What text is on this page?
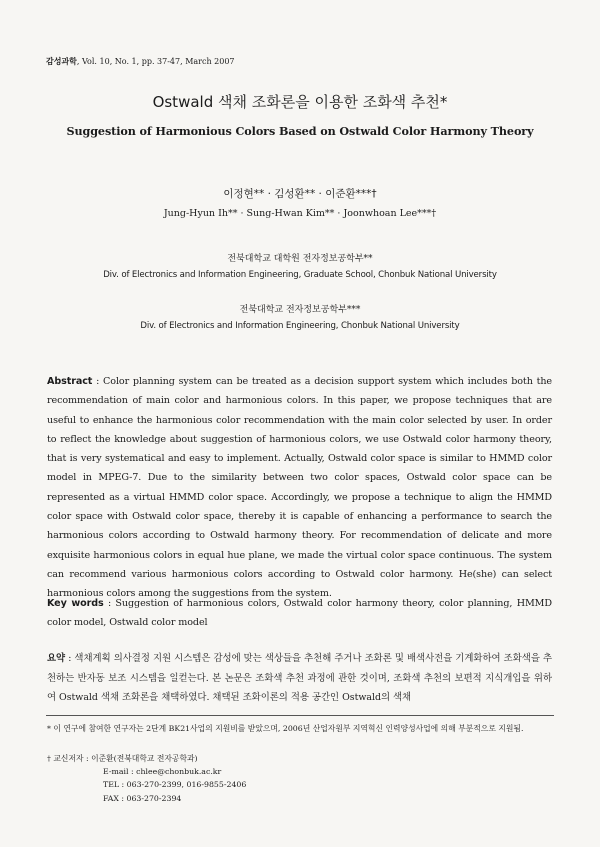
감성과학, Vol. 10, No. 1, pp. 37-47, March 2007
Ostwald 색채 조화론을 이용한 조화색 추천*
Suggestion of Harmonious Colors Based on Ostwald Color Harmony Theory
이정현** · 김성환** · 이준환***†
Jung-Hyun Ih** · Sung-Hwan Kim** · Joonwhoan Lee***†
전북대학교 대학원 전자정보공학부**
Div. of Electronics and Information Engineering, Graduate School, Chonbuk National University
전북대학교 전자정보공학부***
Div. of Electronics and Information Engineering, Chonbuk National University
Abstract : Color planning system can be treated as a decision support system which includes both the recommendation of main color and harmonious colors. In this paper, we propose techniques that are useful to enhance the harmonious color recommendation with the main color selected by user. In order to reflect the knowledge about suggestion of harmonious colors, we use Ostwald color harmony theory, that is very systematical and easy to implement. Actually, Ostwald color space is similar to HMMD color model in MPEG-7. Due to the similarity between two color spaces, Ostwald color space can be represented as a virtual HMMD color space. Accordingly, we propose a technique to align the HMMD color space with Ostwald color space, thereby it is capable of enhancing a performance to search the harmonious colors according to Ostwald harmony theory. For recommendation of delicate and more exquisite harmonious colors in equal hue plane, we made the virtual color space continuous. The system can recommend various harmonious colors according to Ostwald color harmony. He(she) can select harmonious colors among the suggestions from the system.
Key words : Suggestion of harmonious colors, Ostwald color harmony theory, color planning, HMMD color model, Ostwald color model
요약 : 색채계획 의사결정 지원 시스템은 감성에 맞는 색상들을 추천해 주거나 조화론 및 배색사전을 기계화하여 조화색을 추천하는 반자동 보조 시스템을 일컫는다. 본 논문은 조화색 추천 과정에 관한 것이며, 조화색 추천의 보편적 지식개입을 위하여 Ostwald 색채 조화론을 채택하였다. 채택된 조화이론의 적용 공간인 Ostwald의 색채
* 이 연구에 참여한 연구자는 2단계 BK21사업의 지원비를 받았으며, 2006년 산업자원부 지역혁신 인력양성사업에 의해 부분적으로 지원됨.
† 교신저자 : 이준환(전북대학교 전자공학과)
E-mail : chlee@chonbuk.ac.kr
TEL : 063-270-2399, 016-9855-2406
FAX : 063-270-2394
